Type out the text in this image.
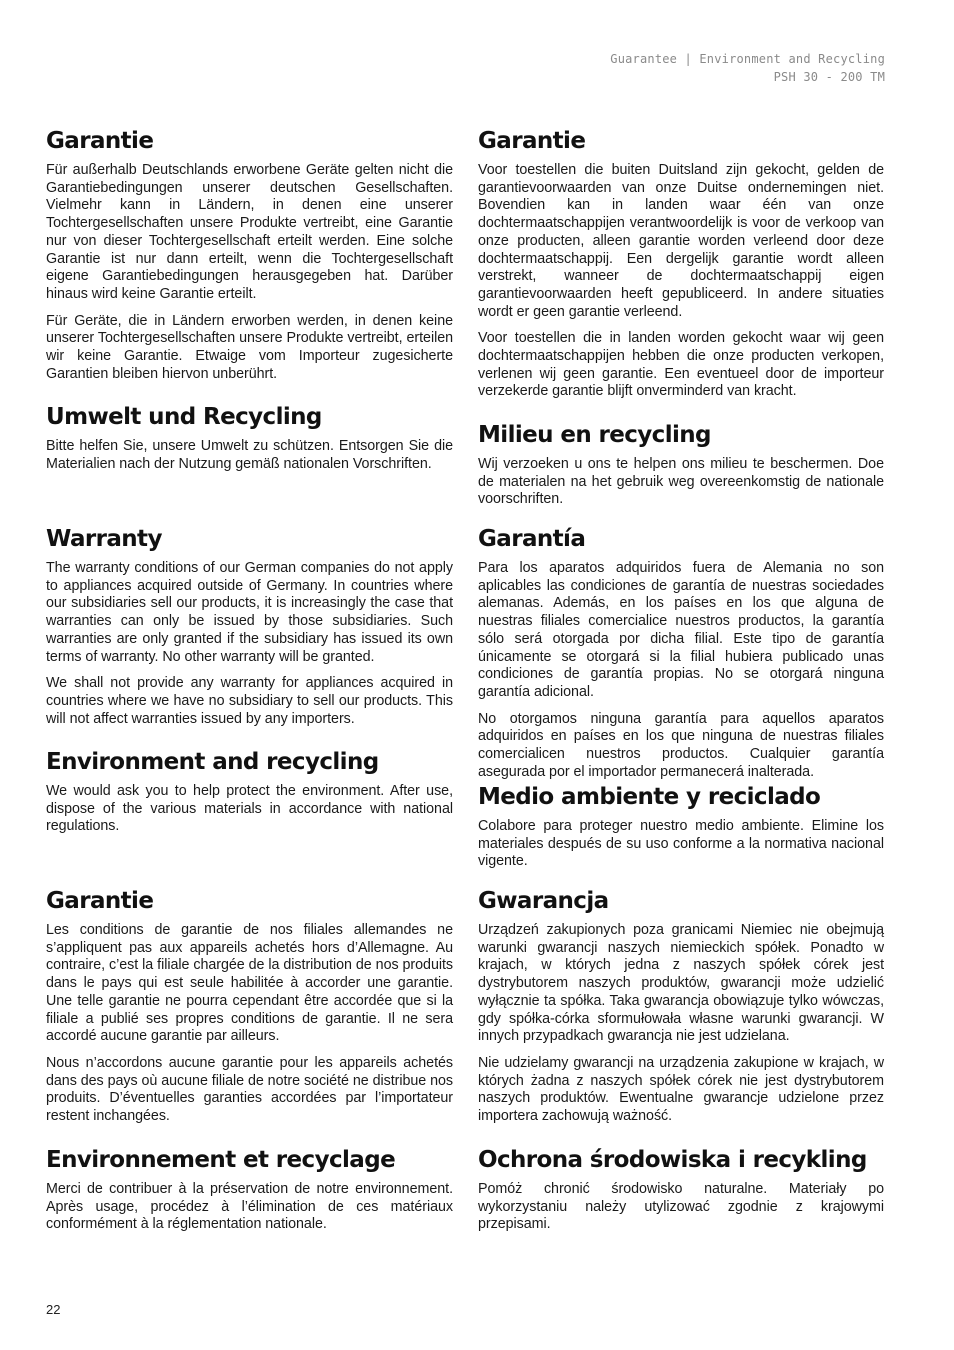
Guarantee | Environment and Recycling
PSH 30 - 200 TM
Garantie

Für außerhalb Deutschlands erworbene Geräte gelten nicht die Garantiebedingungen unserer deutschen Gesellschaften. Vielmehr kann in Ländern, in denen eine unserer Tochtergesellschaften unsere Produkte vertreibt, eine Garantie nur von dieser Tochtergesellschaft erteilt werden. Eine solche Garantie ist nur dann erteilt, wenn die Tochtergesellschaft eigene Garantiebedingungen herausgegeben hat. Darüber hinaus wird keine Garantie erteilt.

Für Geräte, die in Ländern erworben werden, in denen keine unserer Tochtergesellschaften unsere Produkte vertreibt, erteilen wir keine Garantie. Etwaige vom Importeur zugesicherte Garantien bleiben hiervon unberührt.

Umwelt und Recycling

Bitte helfen Sie, unsere Umwelt zu schützen. Entsorgen Sie die Materialien nach der Nutzung gemäß nationalen Vorschriften.

Warranty

The warranty conditions of our German companies do not apply to appliances acquired outside of Germany. In countries where our subsidiaries sell our products, it is increasingly the case that warranties can only be issued by those subsidiaries. Such warranties are only granted if the subsidiary has issued its own terms of warranty. No other warranty will be granted.

We shall not provide any warranty for appliances acquired in countries where we have no subsidiary to sell our products. This will not affect warranties issued by any importers.

Environment and recycling

We would ask you to help protect the environment. After use, dispose of the various materials in accordance with national regulations.

Garantie

Les conditions de garantie de nos filiales allemandes ne s’appliquent pas aux appareils achetés hors d’Allemagne. Au contraire, c’est la filiale chargée de la distribution de nos produits dans le pays qui est seule habilitée à accorder une garantie. Une telle garantie ne pourra cependant être accordée que si la filiale a publié ses propres conditions de garantie. Il ne sera accordé aucune garantie par ailleurs.

Nous n’accordons aucune garantie pour les appareils achetés dans des pays où aucune filiale de notre société ne distribue nos produits. D’éventuelles garanties accordées par l’importateur restent inchangées.

Environnement et recyclage

Merci de contribuer à la préservation de notre environnement. Après usage, procédez à l’élimination de ces matériaux conformément à la réglementation nationale.

Garantie

Voor toestellen die buiten Duitsland zijn gekocht, gelden de garantievoorwaarden van onze Duitse ondernemingen niet. Bovendien kan in landen waar één van onze dochtermaatschappijen verantwoordelijk is voor de verkoop van onze producten, alleen garantie worden verleend door deze dochtermaatschappij. Een dergelijk garantie wordt alleen verstrekt, wanneer de dochtermaatschappij eigen garantievoorwaarden heeft gepubliceerd. In andere situaties wordt er geen garantie verleend.

Voor toestellen die in landen worden gekocht waar wij geen dochtermaatschappijen hebben die onze producten verkopen, verlenen wij geen garantie. Een eventueel door de importeur verzekerde garantie blijft onverminderd van kracht.

Milieu en recycling

Wij verzoeken u ons te helpen ons milieu te beschermen. Doe de materialen na het gebruik weg overeenkomstig de nationale voorschriften.

Garantía

Para los aparatos adquiridos fuera de Alemania no son aplicables las condiciones de garantía de nuestras sociedades alemanas. Además, en los países en los que alguna de nuestras filiales comercialice nuestros productos, la garantía sólo será otorgada por dicha filial. Este tipo de garantía únicamente se otorgará si la filial hubiera publicado unas condiciones de garantía propias. No se otorgará ninguna garantía adicional.

No otorgamos ninguna garantía para aquellos aparatos adquiridos en países en los que ninguna de nuestras filiales comercialicen nuestros productos. Cualquier garantía asegurada por el importador permanecerá inalterada.

Medio ambiente y reciclado

Colabore para proteger nuestro medio ambiente. Elimine los materiales después de su uso conforme a la normativa nacional vigente.

Gwarancja

Urządzeń zakupionych poza granicami Niemiec nie obejmują warunki gwarancji naszych niemieckich spółek. Ponadto w krajach, w których jedna z naszych spółek córek jest dystrybutorem naszych produktów, gwarancji może udzielić wyłącznie ta spółka. Taka gwarancja obowiązuje tylko wówczas, gdy spółka-córka sformułowała własne warunki gwarancji. W innych przypadkach gwarancja nie jest udzielana.

Nie udzielamy gwarancji na urządzenia zakupione w krajach, w których żadna z naszych spółek córek nie jest dystrybutorem naszych produktów. Ewentualne gwarancje udzielone przez importera zachowują ważność.

Ochrona środowiska i recykling

Pomóż chronić środowisko naturalne. Materiały po wykorzystaniu należy utylizować zgodnie z krajowymi przepisami.

22
